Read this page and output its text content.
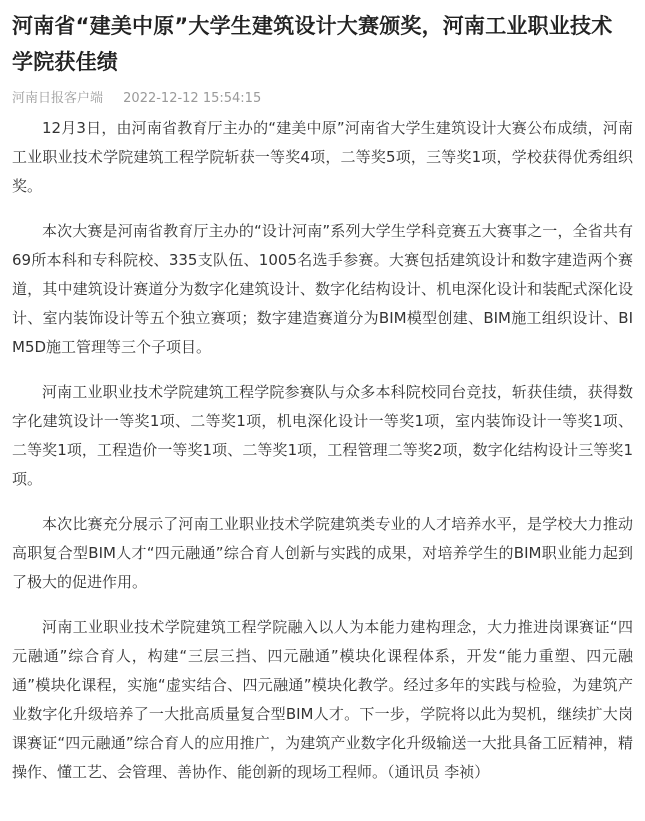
河南省“建美中原”大学生建筑设计大赛颁奖，河南工业职业技术学院获佳绩
河南日报客户端 2022-12-12 15:54:15

12月3日，由河南省教育厅主办的“建美中原”河南省大学生建筑设计大赛公布成绩，河南工业职业技术学院建筑工程学院斩获一等奖4项，二等奖5项，三等奖1项，学校获得优秀组织奖。

本次大赛是河南省教育厅主办的“设计河南”系列大学生学科竞赛五大赛事之一，全省共有69所本科和专科院校、335支队伍、1005名选手参赛。大赛包括建筑设计和数字建造两个赛道，其中建筑设计赛道分为数字化建筑设计、数字化结构设计、机电深化设计和装配式深化设计、室内装饰设计等五个独立赛项；数字建造赛道分为BIM模型创建、BIM施工组织设计、BIM5D施工管理等三个子项目。

河南工业职业技术学院建筑工程学院参赛队与众多本科院校同台竞技，斩获佳绩，获得数字化建筑设计一等奖1项、二等奖1项，机电深化设计一等奖1项，室内装饰设计一等奖1项、二等奖1项，工程造价一等奖1项、二等奖1项，工程管理二等奖2项，数字化结构设计三等奖1项。

本次比赛充分展示了河南工业职业技术学院建筑类专业的人才培养水平，是学校大力推动高职复合型BIM人才“四元融通”综合育人创新与实践的成果，对培养学生的BIM职业能力起到了极大的促进作用。

河南工业职业技术学院建筑工程学院融入以人为本能力建构理念，大力推进岗课赛证“四元融通”综合育人，构建“三层三挡、四元融通”模块化课程体系，开发“能力重塑、四元融通”模块化课程，实施“虚实结合、四元融通”模块化教学。经过多年的实践与检验，为建筑产业数字化升级培养了一大批高质量复合型BIM人才。下一步，学院将以此为契机，继续扩大岗课赛证“四元融通”综合育人的应用推广，为建筑产业数字化升级输送一大批具备工匠精神，精操作、懂工艺、会管理、善协作、能创新的现场工程师。（通讯员 李祯）
